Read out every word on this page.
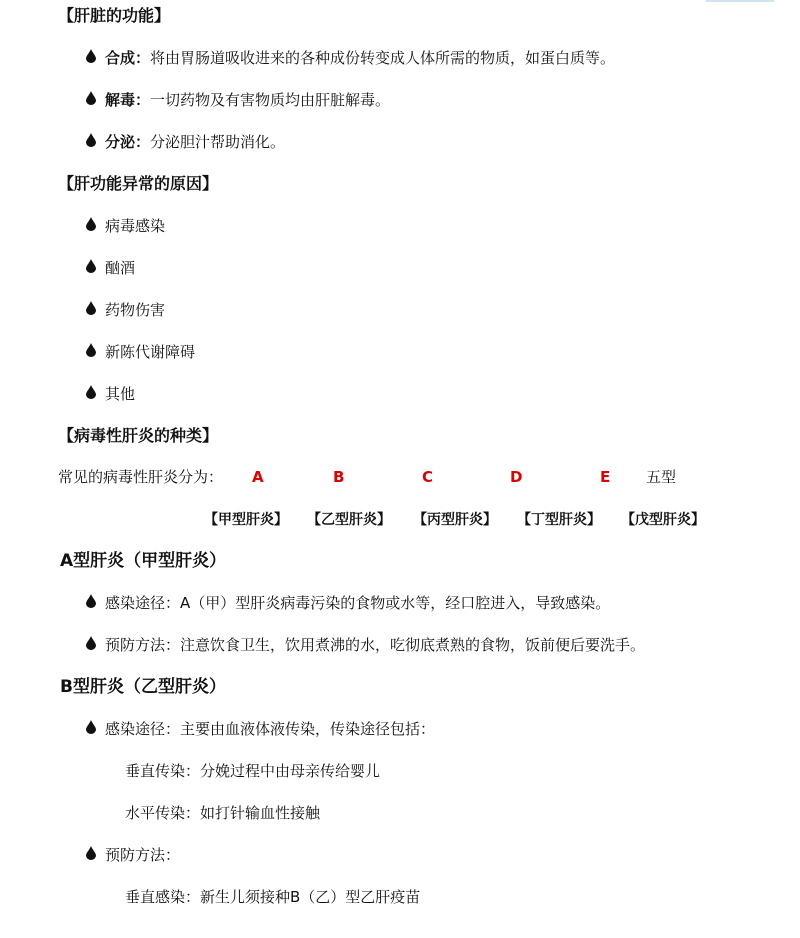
【肝脏的功能】
合成：将由胃肠道吸收进来的各种成份转变成人体所需的物质，如蛋白质等。
解毒：一切药物及有害物质均由肝脏解毒。
分泌：分泌胆汁帮助消化。
【肝功能异常的原因】
病毒感染
酗酒
药物伤害
新陈代谢障碍
其他
【病毒性肝炎的种类】
常见的病毒性肝炎分为： A	B	C	D	E 五型
【甲型肝炎】 【乙型肝炎】 【丙型肝炎】 【丁型肝炎】 【戊型肝炎】
A型肝炎（甲型肝炎）
感染途径：A（甲）型肝炎病毒污染的食物或水等，经口腔进入，导致感染。
预防方法：注意饮食卫生，饮用煮沸的水，吃彻底煮熟的食物，饭前便后要洗手。
B型肝炎（乙型肝炎）
感染途径：主要由血液体液传染，传染途径包括：
垂直传染：分娩过程中由母亲传给婴儿
水平传染：如打针输血性接触
预防方法：
垂直感染：新生儿须接种B（乙）型乙肝疫苗
